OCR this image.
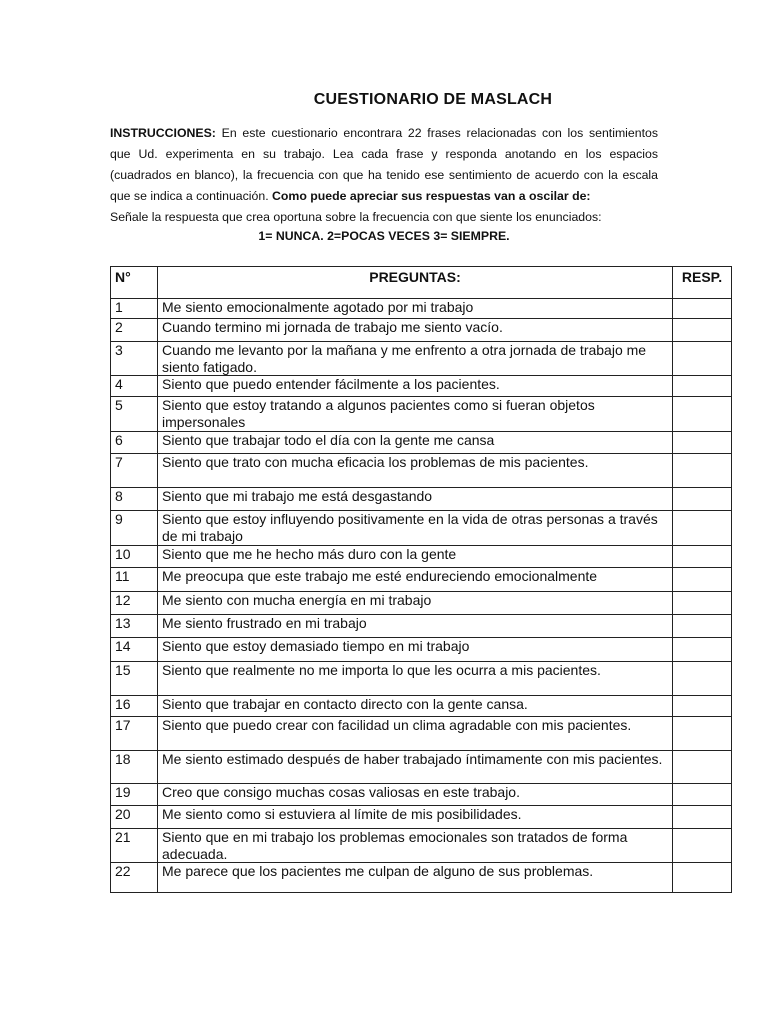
CUESTIONARIO DE MASLACH

INSTRUCCIONES: En este cuestionario encontrara 22 frases relacionadas con los sentimientos que Ud. experimenta en su trabajo. Lea cada frase y responda anotando en los espacios (cuadrados en blanco), la frecuencia con que ha tenido ese sentimiento de acuerdo con la escala que se indica a continuación. Como puede apreciar sus respuestas van a oscilar de:

Señale la respuesta que crea oportuna sobre la frecuencia con que siente los enunciados:

1= NUNCA. 2=POCAS VECES 3= SIEMPRE.
N°	PREGUNTAS:	RESP.
1	Me siento emocionalmente agotado por mi trabajo	
2	Cuando termino mi jornada de trabajo me siento vacío.	
3	Cuando me levanto por la mañana y me enfrento a otra jornada de trabajo me siento fatigado.	
4	Siento que puedo entender fácilmente a los pacientes.	
5	Siento que estoy tratando a algunos pacientes como si fueran objetos impersonales	
6	Siento que trabajar todo el día con la gente me cansa	
7	Siento que trato con mucha eficacia los problemas de mis pacientes.	
8	Siento que mi trabajo me está desgastando	
9	Siento que estoy influyendo positivamente en la vida de otras personas a través de mi trabajo	
10	Siento que me he hecho más duro con la gente	
11	Me preocupa que este trabajo me esté endureciendo emocionalmente	
12	Me siento con mucha energía en mi trabajo	
13	Me siento frustrado en mi trabajo	
14	Siento que estoy demasiado tiempo en mi trabajo	
15	Siento que realmente no me importa lo que les ocurra a mis pacientes.	
16	Siento que trabajar en contacto directo con la gente cansa.	
17	Siento que puedo crear con facilidad un clima agradable con mis pacientes.	
18	Me siento estimado después de haber trabajado íntimamente con mis pacientes.	
19	Creo que consigo muchas cosas valiosas en este trabajo.	
20	Me siento como si estuviera al límite de mis posibilidades.	
21	Siento que en mi trabajo los problemas emocionales son tratados de forma adecuada.	
22	Me parece que los pacientes me culpan de alguno de sus problemas.	
